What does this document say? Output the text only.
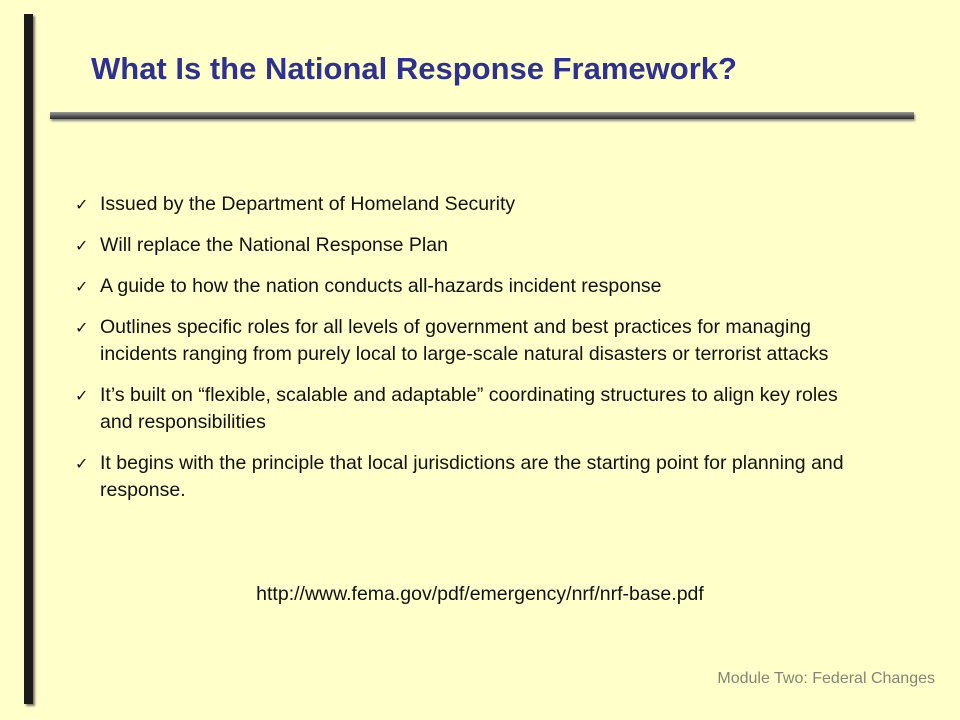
What Is the National Response Framework?
✓ Issued by the Department of Homeland Security
✓ Will replace the National Response Plan
✓ A guide to how the nation conducts all-hazards incident response
✓ Outlines specific roles for all levels of government and best practices for managing incidents ranging from purely local to large-scale natural disasters or terrorist attacks
✓ It’s built on “flexible, scalable and adaptable” coordinating structures to align key roles and responsibilities
✓ It begins with the principle that local jurisdictions are the starting point for planning and response.
http://www.fema.gov/pdf/emergency/nrf/nrf-base.pdf
Module Two: Federal Changes
